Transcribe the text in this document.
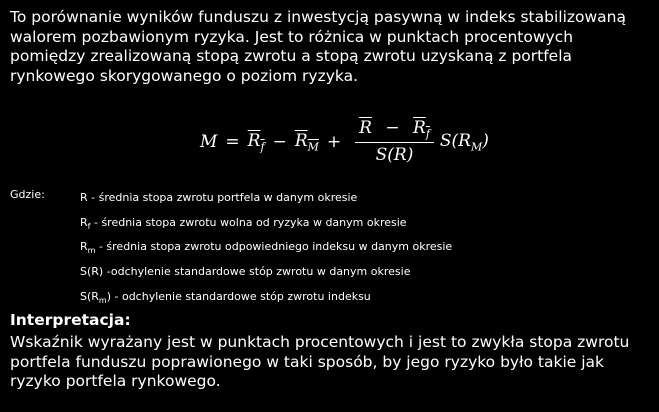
To porównanie wyników funduszu z inwestycją pasywną w indeks stabilizowaną walorem pozbawionym ryzyka. Jest to różnica w punktach procentowych pomiędzy zrealizowaną stopą zwrotu a stopą zwrotu uzyskaną z portfela rynkowego skorygowanego o poziom ryzyka.

$M = R_f - R_M + \frac{\overline{R} - R_f}{S(R)} S(R_M)$
Gdzie:	R - średnia stopa zwrotu portfela w danym okresie
$R_f$ - średnia stopa zwrotu wolna od ryzyka w danym okresie
$R_m$ - średnia stopa zwrotu odpowiedniego indeksu w danym okresie
S(R) -odchylenie standardowe stóp zwrotu w danym okresie
$S(R_m)$ - odchylenie standardowe stóp zwrotu indeksu
Interpretacja:

Wskaźnik wyrażany jest w punktach procentowych i jest to zwykła stopa zwrotu portfela funduszu poprawionego w taki sposób, by jego ryzyko było takie jak ryzyko portfela rynkowego.
